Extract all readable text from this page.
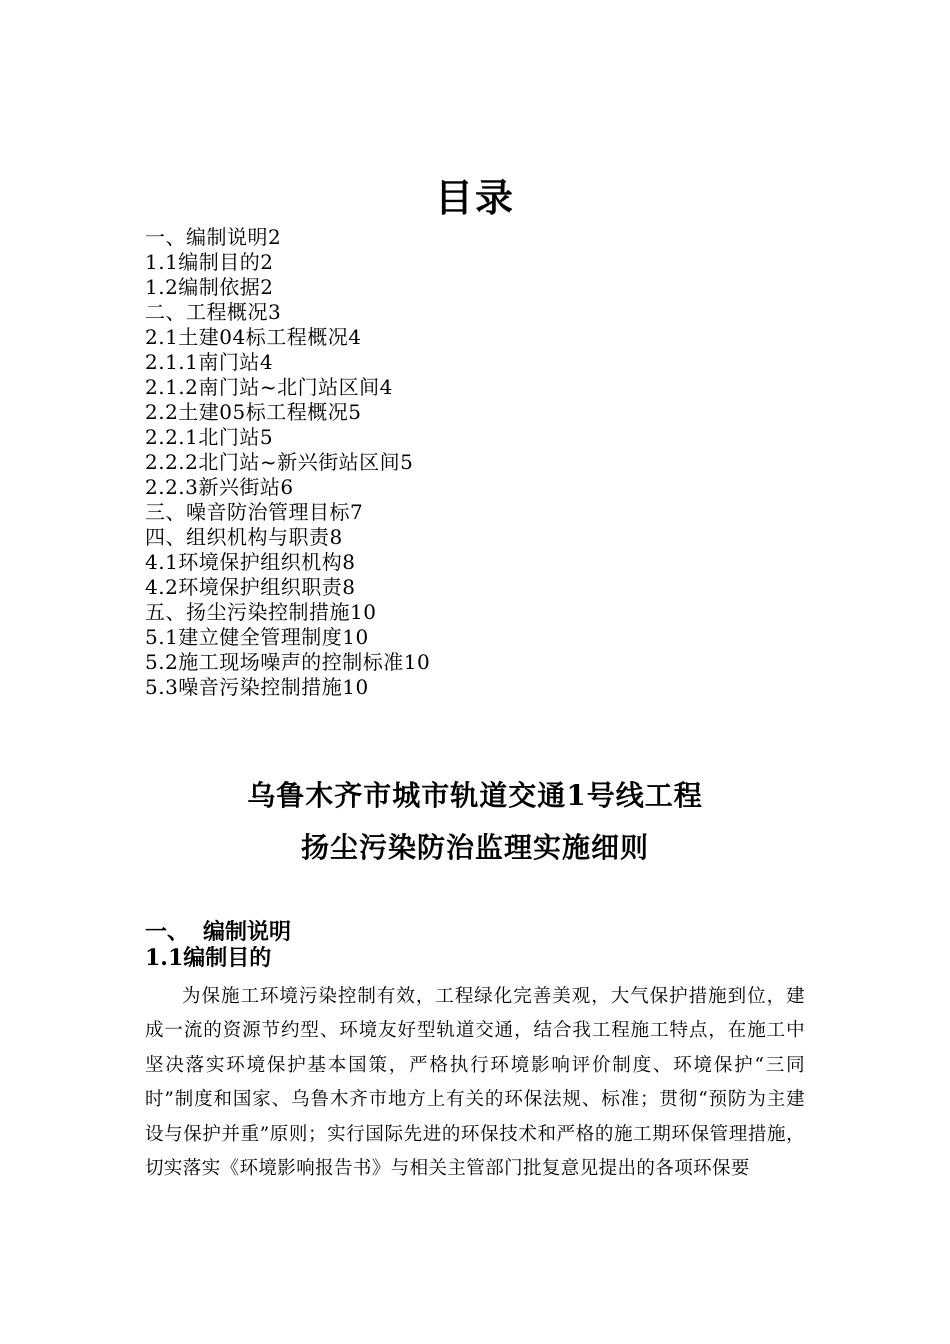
目录
一、编制说明2
1.1编制目的2
1.2编制依据2
二、工程概况3
2.1土建04标工程概况4
2.1.1南门站4
2.1.2南门站~北门站区间4
2.2土建05标工程概况5
2.2.1北门站5
2.2.2北门站~新兴街站区间5
2.2.3新兴街站6
三、噪音防治管理目标7
四、组织机构与职责8
4.1环境保护组织机构8
4.2环境保护组织职责8
五、扬尘污染控制措施10
5.1建立健全管理制度10
5.2施工现场噪声的控制标准10
5.3噪音污染控制措施10
乌鲁木齐市城市轨道交通1号线工程
扬尘污染防治监理实施细则
一、 编制说明
1.1编制目的

为保施工环境污染控制有效，工程绿化完善美观，大气保护措施到位，建成一流的资源节约型、环境友好型轨道交通，结合我工程施工特点，在施工中坚决落实环境保护基本国策，严格执行环境影响评价制度、环境保护“三同时”制度和国家、乌鲁木齐市地方上有关的环保法规、标准；贯彻“预防为主建设与保护并重”原则；实行国际先进的环保技术和严格的施工期环保管理措施，切实落实《环境影响报告书》与相关主管部门批复意见提出的各项环保要
